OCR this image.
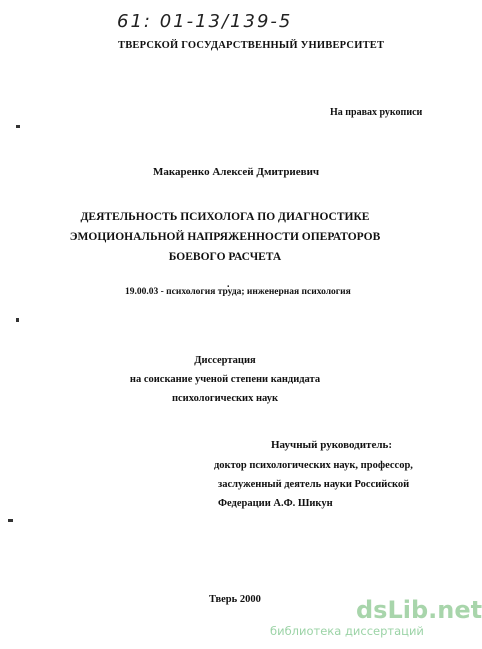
61: 01-13/139-5
ТВЕРСКОЙ ГОСУДАРСТВЕННЫЙ УНИВЕРСИТЕТ
На правах рукописи
Макаренко Алексей Дмитриевич
ДЕЯТЕЛЬНОСТЬ ПСИХОЛОГА ПО ДИАГНОСТИКЕ
ЭМОЦИОНАЛЬНОЙ НАПРЯЖЕННОСТИ ОПЕРАТОРОВ
БОЕВОГО РАСЧЕТА
.
19.00.03 - психология труда; инженерная психология
Диссертация
на соискание ученой степени кандидата
психологических наук
Научный руководитель:
доктор психологических наук, профессор,
заслуженный деятель науки Российской
Федерации А.Ф. Шикун
Тверь 2000	dsLib.net
библиотека диссертаций
